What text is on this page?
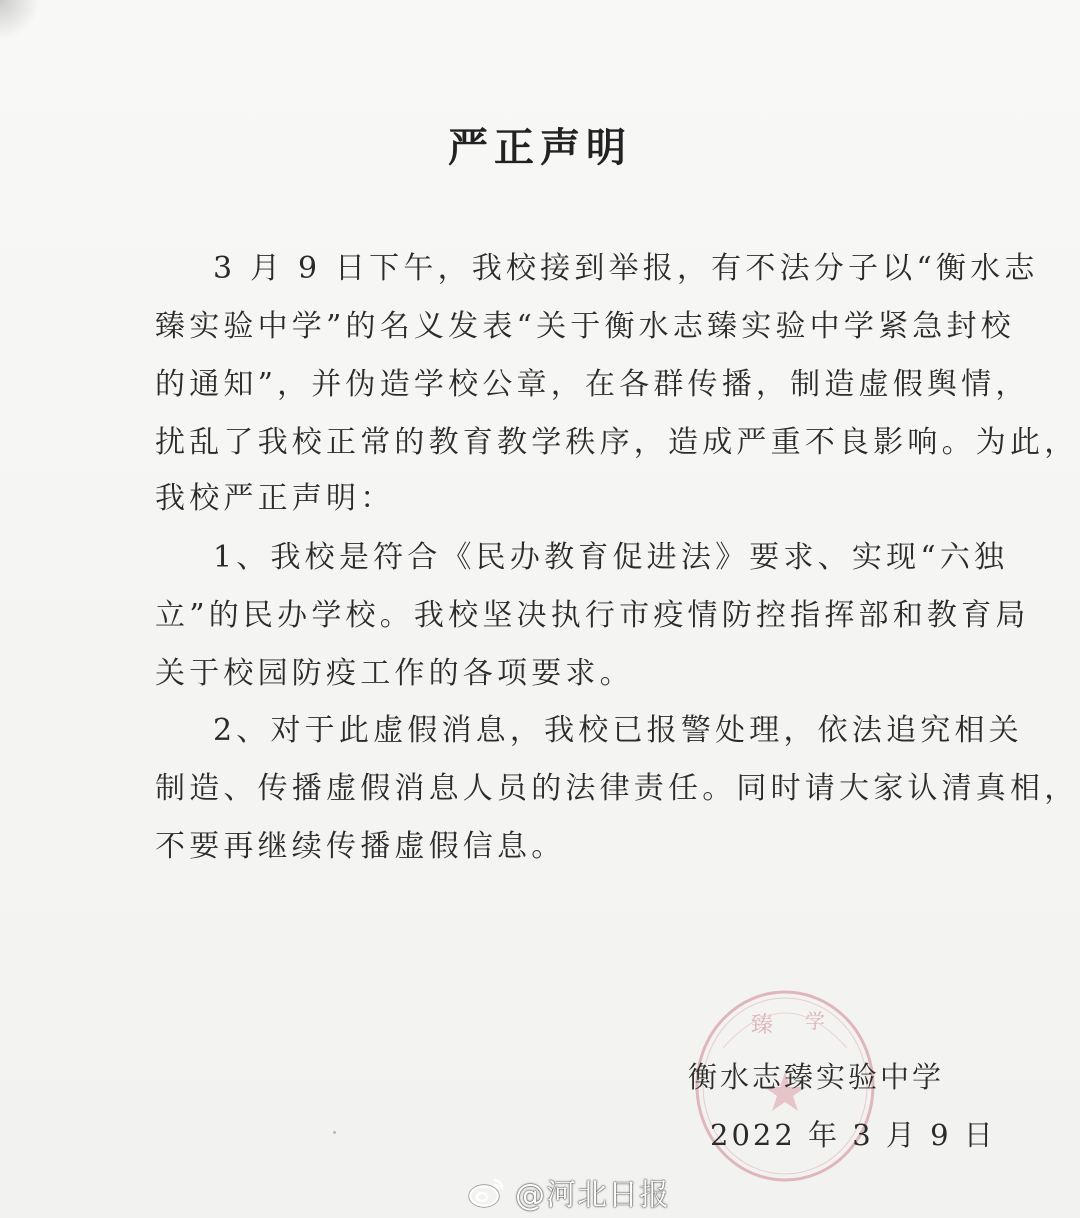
严正声明
3 月 9 日下午，我校接到举报，有不法分子以“衡水志
臻实验中学”的名义发表“关于衡水志臻实验中学紧急封校
的通知”，并伪造学校公章，在各群传播，制造虚假舆情，
扰乱了我校正常的教育教学秩序，造成严重不良影响。为此，
我校严正声明：
1、我校是符合《民办教育促进法》要求、实现“六独
立”的民办学校。我校坚决执行市疫情防控指挥部和教育局
关于校园防疫工作的各项要求。
2、对于此虚假消息，我校已报警处理，依法追究相关
制造、传播虚假消息人员的法律责任。同时请大家认清真相，
不要再继续传播虚假信息。
臻 学
衡水志臻实验中学
2022 年 3 月 9 日
@河北日报
